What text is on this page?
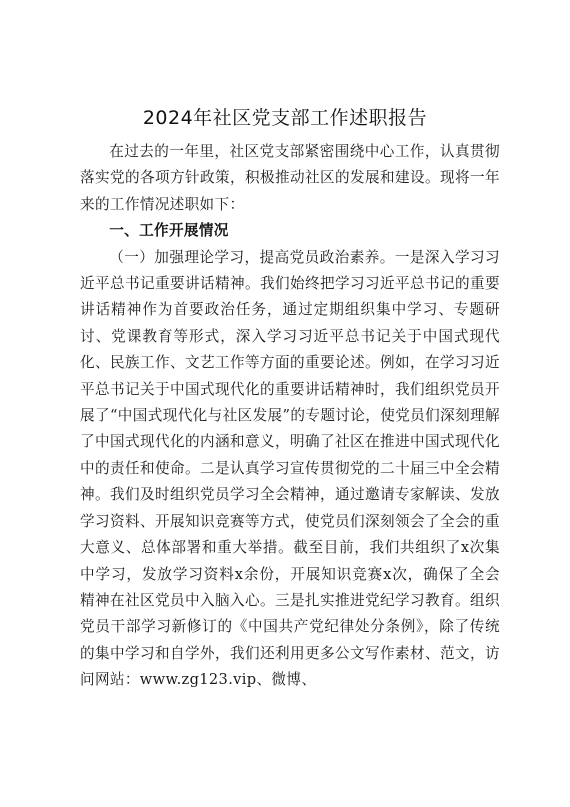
2024年社区党支部工作述职报告

在过去的一年里，社区党支部紧密围绕中心工作，认真贯彻落实党的各项方针政策，积极推动社区的发展和建设。现将一年来的工作情况述职如下：

一、工作开展情况

（一）加强理论学习，提高党员政治素养。一是深入学习习近平总书记重要讲话精神。我们始终把学习习近平总书记的重要讲话精神作为首要政治任务，通过定期组织集中学习、专题研讨、党课教育等形式，深入学习习近平总书记关于中国式现代化、民族工作、文艺工作等方面的重要论述。例如，在学习习近平总书记关于中国式现代化的重要讲话精神时，我们组织党员开展了“中国式现代化与社区发展”的专题讨论，使党员们深刻理解了中国式现代化的内涵和意义，明确了社区在推进中国式现代化中的责任和使命。二是认真学习宣传贯彻党的二十届三中全会精神。我们及时组织党员学习全会精神，通过邀请专家解读、发放学习资料、开展知识竞赛等方式，使党员们深刻领会了全会的重大意义、总体部署和重大举措。截至目前，我们共组织了x次集中学习，发放学习资料x余份，开展知识竞赛x次，确保了全会精神在社区党员中入脑入心。三是扎实推进党纪学习教育。组织党员干部学习新修订的《中国共产党纪律处分条例》，除了传统的集中学习和自学外，我们还利用更多公文写作素材、范文，访问网站：www.zg123.vip、微博、
